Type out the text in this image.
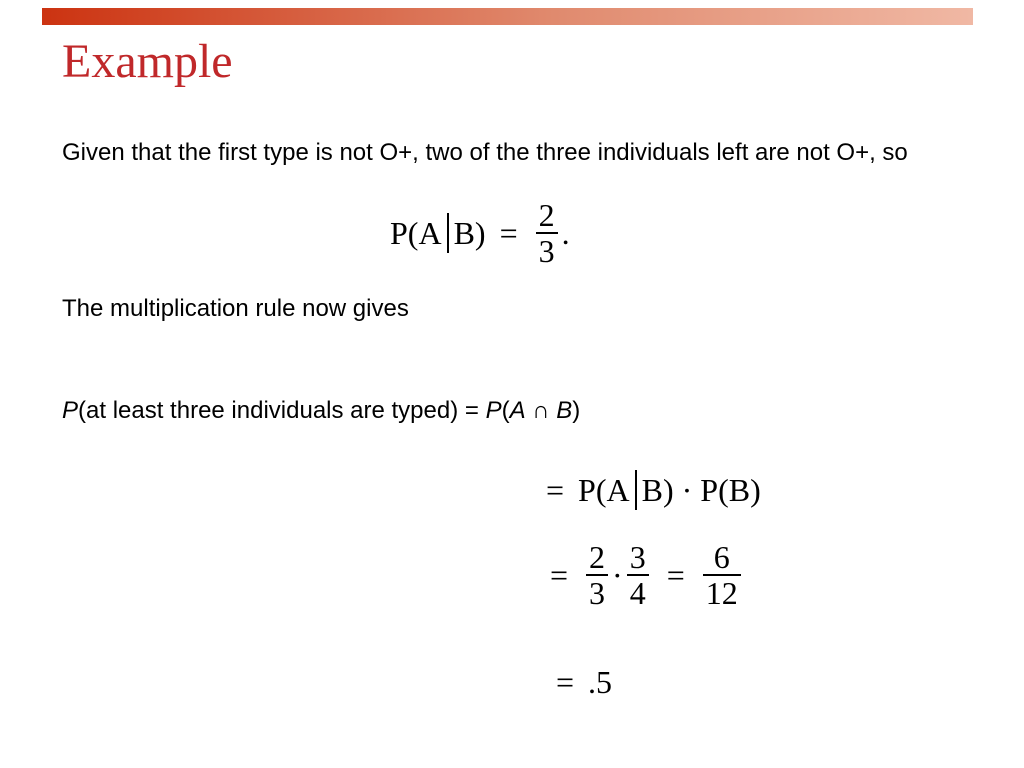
Example
Given that the first type is not O+, two of the three individuals left are not O+, so
P(A $B) = \frac{2}{3}$ .
The multiplication rule now gives
P(at least three individuals are typed) = P(A ∩ B)
= P(A B) · P(B)
= $\frac{2}{3} \cdot \frac{3}{4} = \frac{6}{12}$
= .5
